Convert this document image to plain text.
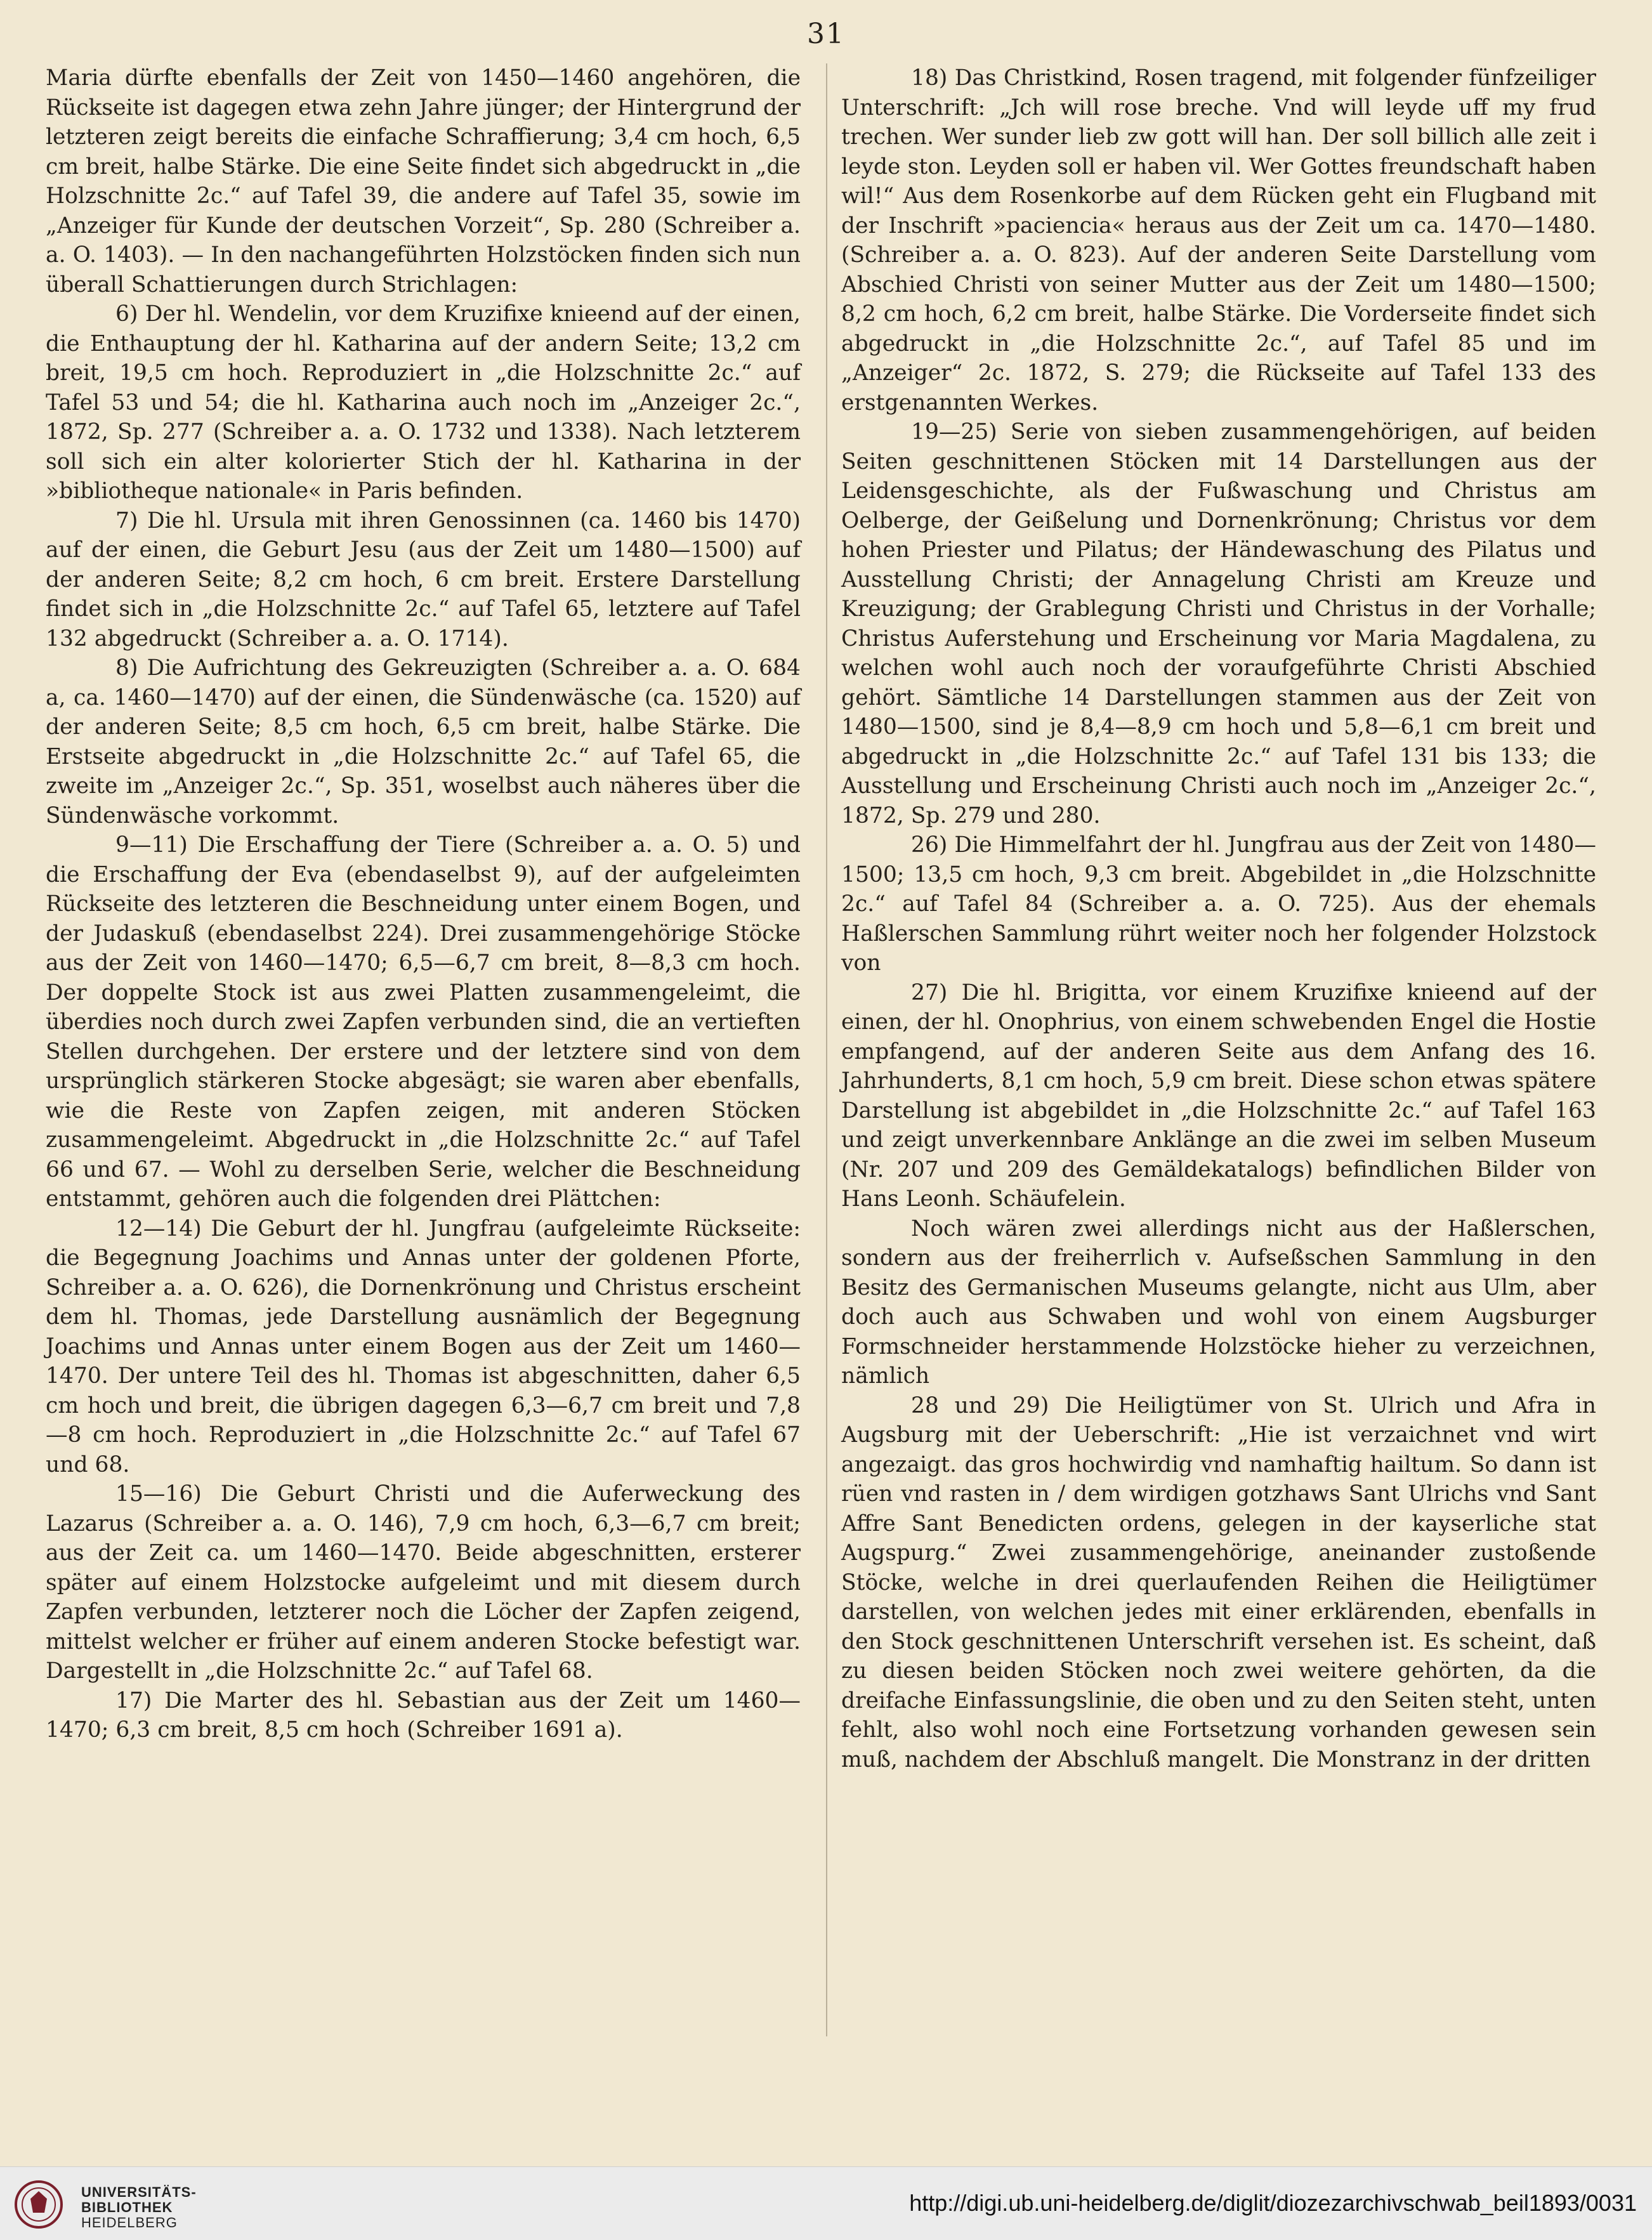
31

Maria dürfte ebenfalls der Zeit von 1450—1460 angehören, die Rückseite ist dagegen etwa zehn Jahre jünger; der Hintergrund der letzteren zeigt bereits die einfache Schraffierung; 3,4 cm hoch, 6,5 cm breit, halbe Stärke. Die eine Seite findet sich abgedruckt in „die Holzschnitte 2c.“ auf Tafel 39, die andere auf Tafel 35, sowie im „Anzeiger für Kunde der deutschen Vorzeit“, Sp. 280 (Schreiber a. a. O. 1403). — In den nachangeführten Holzstöcken finden sich nun überall Schattierungen durch Strichlagen:

6) Der hl. Wendelin, vor dem Kruzifixe knieend auf der einen, die Enthauptung der hl. Katharina auf der andern Seite; 13,2 cm breit, 19,5 cm hoch. Reproduziert in „die Holzschnitte 2c.“ auf Tafel 53 und 54; die hl. Katharina auch noch im „Anzeiger 2c.“, 1872, Sp. 277 (Schreiber a. a. O. 1732 und 1338). Nach letzterem soll sich ein alter kolorierter Stich der hl. Katharina in der »bibliotheque nationale« in Paris befinden.

7) Die hl. Ursula mit ihren Genossinnen (ca. 1460 bis 1470) auf der einen, die Geburt Jesu (aus der Zeit um 1480—1500) auf der anderen Seite; 8,2 cm hoch, 6 cm breit. Erstere Darstellung findet sich in „die Holzschnitte 2c.“ auf Tafel 65, letztere auf Tafel 132 abgedruckt (Schreiber a. a. O. 1714).

8) Die Aufrichtung des Gekreuzigten (Schreiber a. a. O. 684 a, ca. 1460—1470) auf der einen, die Sündenwäsche (ca. 1520) auf der anderen Seite; 8,5 cm hoch, 6,5 cm breit, halbe Stärke. Die Erstseite abgedruckt in „die Holzschnitte 2c.“ auf Tafel 65, die zweite im „Anzeiger 2c.“, Sp. 351, woselbst auch näheres über die Sündenwäsche vorkommt.

9—11) Die Erschaffung der Tiere (Schreiber a. a. O. 5) und die Erschaffung der Eva (ebendaselbst 9), auf der aufgeleimten Rückseite des letzteren die Beschneidung unter einem Bogen, und der Judaskuß (ebendaselbst 224). Drei zusammengehörige Stöcke aus der Zeit von 1460—1470; 6,5—6,7 cm breit, 8—8,3 cm hoch. Der doppelte Stock ist aus zwei Platten zusammengeleimt, die überdies noch durch zwei Zapfen verbunden sind, die an vertieften Stellen durchgehen. Der erstere und der letztere sind von dem ursprünglich stärkeren Stocke abgesägt; sie waren aber ebenfalls, wie die Reste von Zapfen zeigen, mit anderen Stöcken zusammengeleimt. Abgedruckt in „die Holzschnitte 2c.“ auf Tafel 66 und 67. — Wohl zu derselben Serie, welcher die Beschneidung entstammt, gehören auch die folgenden drei Plättchen:

12—14) Die Geburt der hl. Jungfrau (aufgeleimte Rückseite: die Begegnung Joachims und Annas unter der goldenen Pforte, Schreiber a. a. O. 626), die Dornenkrönung und Christus erscheint dem hl. Thomas, jede Darstellung ausnämlich der Begegnung Joachims und Annas unter einem Bogen aus der Zeit um 1460—1470. Der untere Teil des hl. Thomas ist abgeschnitten, daher 6,5 cm hoch und breit, die übrigen dagegen 6,3—6,7 cm breit und 7,8—8 cm hoch. Reproduziert in „die Holzschnitte 2c.“ auf Tafel 67 und 68.

15—16) Die Geburt Christi und die Auferweckung des Lazarus (Schreiber a. a. O. 146), 7,9 cm hoch, 6,3—6,7 cm breit; aus der Zeit ca. um 1460—1470. Beide abgeschnitten, ersterer später auf einem Holzstocke aufgeleimt und mit diesem durch Zapfen verbunden, letzterer noch die Löcher der Zapfen zeigend, mittelst welcher er früher auf einem anderen Stocke befestigt war. Dargestellt in „die Holzschnitte 2c.“ auf Tafel 68.

17) Die Marter des hl. Sebastian aus der Zeit um 1460—1470; 6,3 cm breit, 8,5 cm hoch (Schreiber 1691 a).

18) Das Christkind, Rosen tragend, mit folgender fünfzeiliger Unterschrift: „Jch will rose breche. Vnd will leyde uff my frud trechen. Wer sunder lieb zw gott will han. Der soll billich alle zeit i leyde ston. Leyden soll er haben vil. Wer Gottes freundschaft haben wil!“ Aus dem Rosenkorbe auf dem Rücken geht ein Flugband mit der Inschrift »paciencia« heraus aus der Zeit um ca. 1470—1480. (Schreiber a. a. O. 823). Auf der anderen Seite Darstellung vom Abschied Christi von seiner Mutter aus der Zeit um 1480—1500; 8,2 cm hoch, 6,2 cm breit, halbe Stärke. Die Vorderseite findet sich abgedruckt in „die Holzschnitte 2c.“, auf Tafel 85 und im „Anzeiger“ 2c. 1872, S. 279; die Rückseite auf Tafel 133 des erstgenannten Werkes.

19—25) Serie von sieben zusammengehörigen, auf beiden Seiten geschnittenen Stöcken mit 14 Darstellungen aus der Leidensgeschichte, als der Fußwaschung und Christus am Oelberge, der Geißelung und Dornenkrönung; Christus vor dem hohen Priester und Pilatus; der Händewaschung des Pilatus und Ausstellung Christi; der Annagelung Christi am Kreuze und Kreuzigung; der Grablegung Christi und Christus in der Vorhalle; Christus Auferstehung und Erscheinung vor Maria Magdalena, zu welchen wohl auch noch der voraufgeführte Christi Abschied gehört. Sämtliche 14 Darstellungen stammen aus der Zeit von 1480—1500, sind je 8,4—8,9 cm hoch und 5,8—6,1 cm breit und abgedruckt in „die Holzschnitte 2c.“ auf Tafel 131 bis 133; die Ausstellung und Erscheinung Christi auch noch im „Anzeiger 2c.“, 1872, Sp. 279 und 280.

26) Die Himmelfahrt der hl. Jungfrau aus der Zeit von 1480—1500; 13,5 cm hoch, 9,3 cm breit. Abgebildet in „die Holzschnitte 2c.“ auf Tafel 84 (Schreiber a. a. O. 725). Aus der ehemals Haßlerschen Sammlung rührt weiter noch her folgender Holzstock von

27) Die hl. Brigitta, vor einem Kruzifixe knieend auf der einen, der hl. Onophrius, von einem schwebenden Engel die Hostie empfangend, auf der anderen Seite aus dem Anfang des 16. Jahrhunderts, 8,1 cm hoch, 5,9 cm breit. Diese schon etwas spätere Darstellung ist abgebildet in „die Holzschnitte 2c.“ auf Tafel 163 und zeigt unverkennbare Anklänge an die zwei im selben Museum (Nr. 207 und 209 des Gemäldekatalogs) befindlichen Bilder von Hans Leonh. Schäufelein.

Noch wären zwei allerdings nicht aus der Haßlerschen, sondern aus der freiherrlich v. Aufseßschen Sammlung in den Besitz des Germanischen Museums gelangte, nicht aus Ulm, aber doch auch aus Schwaben und wohl von einem Augsburger Formschneider herstammende Holzstöcke hieher zu verzeichnen, nämlich

28 und 29) Die Heiligtümer von St. Ulrich und Afra in Augsburg mit der Ueberschrift: „Hie ist verzaichnet vnd wirt angezaigt. das gros hochwirdig vnd namhaftig hailtum. So dann ist rüen vnd rasten in / dem wirdigen gotzhaws Sant Ulrichs vnd Sant Affre Sant Benedicten ordens, gelegen in der kayserliche stat Augspurg.“ Zwei zusammengehörige, aneinander zustoßende Stöcke, welche in drei querlaufenden Reihen die Heiligtümer darstellen, von welchen jedes mit einer erklärenden, ebenfalls in den Stock geschnittenen Unterschrift versehen ist. Es scheint, daß zu diesen beiden Stöcken noch zwei weitere gehörten, da die dreifache Einfassungslinie, die oben und zu den Seiten steht, unten fehlt, also wohl noch eine Fortsetzung vorhanden gewesen sein muß, nachdem der Abschluß mangelt. Die Monstranz in der dritten

UNIVERSITÄTS-
BIBLIOTHEK
HEIDELBERG
http://digi.ub.uni-heidelberg.de/diglit/diozezarchivschwab_beil1893/0031
